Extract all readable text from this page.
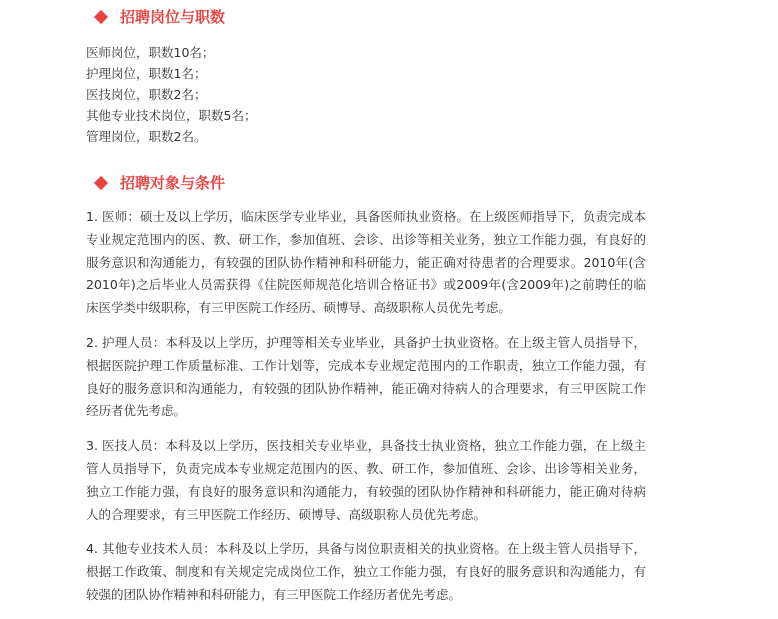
招聘岗位与职数
医师岗位，职数10名；
护理岗位，职数1名；
医技岗位，职数2名；
其他专业技术岗位，职数5名；
管理岗位，职数2名。
招聘对象与条件

1. 医师：硕士及以上学历，临床医学专业毕业，具备医师执业资格。在上级医师指导下，负责完成本专业规定范围内的医、教、研工作，参加值班、会诊、出诊等相关业务，独立工作能力强，有良好的服务意识和沟通能力，有较强的团队协作精神和科研能力，能正确对待患者的合理要求。2010年(含2010年)之后毕业人员需获得《住院医师规范化培训合格证书》或2009年(含2009年)之前聘任的临床医学类中级职称，有三甲医院工作经历、硕博导、高级职称人员优先考虑。

2. 护理人员：本科及以上学历，护理等相关专业毕业，具备护士执业资格。在上级主管人员指导下，根据医院护理工作质量标准、工作计划等，完成本专业规定范围内的工作职责，独立工作能力强，有良好的服务意识和沟通能力，有较强的团队协作精神，能正确对待病人的合理要求，有三甲医院工作经历者优先考虑。

3. 医技人员：本科及以上学历，医技相关专业毕业，具备技士执业资格，独立工作能力强，在上级主管人员指导下，负责完成本专业规定范围内的医、教、研工作，参加值班、会诊、出诊等相关业务，独立工作能力强，有良好的服务意识和沟通能力，有较强的团队协作精神和科研能力，能正确对待病人的合理要求，有三甲医院工作经历、硕博导、高级职称人员优先考虑。

4. 其他专业技术人员：本科及以上学历，具备与岗位职责相关的执业资格。在上级主管人员指导下，根据工作政策、制度和有关规定完成岗位工作，独立工作能力强，有良好的服务意识和沟通能力，有较强的团队协作精神和科研能力，有三甲医院工作经历者优先考虑。
